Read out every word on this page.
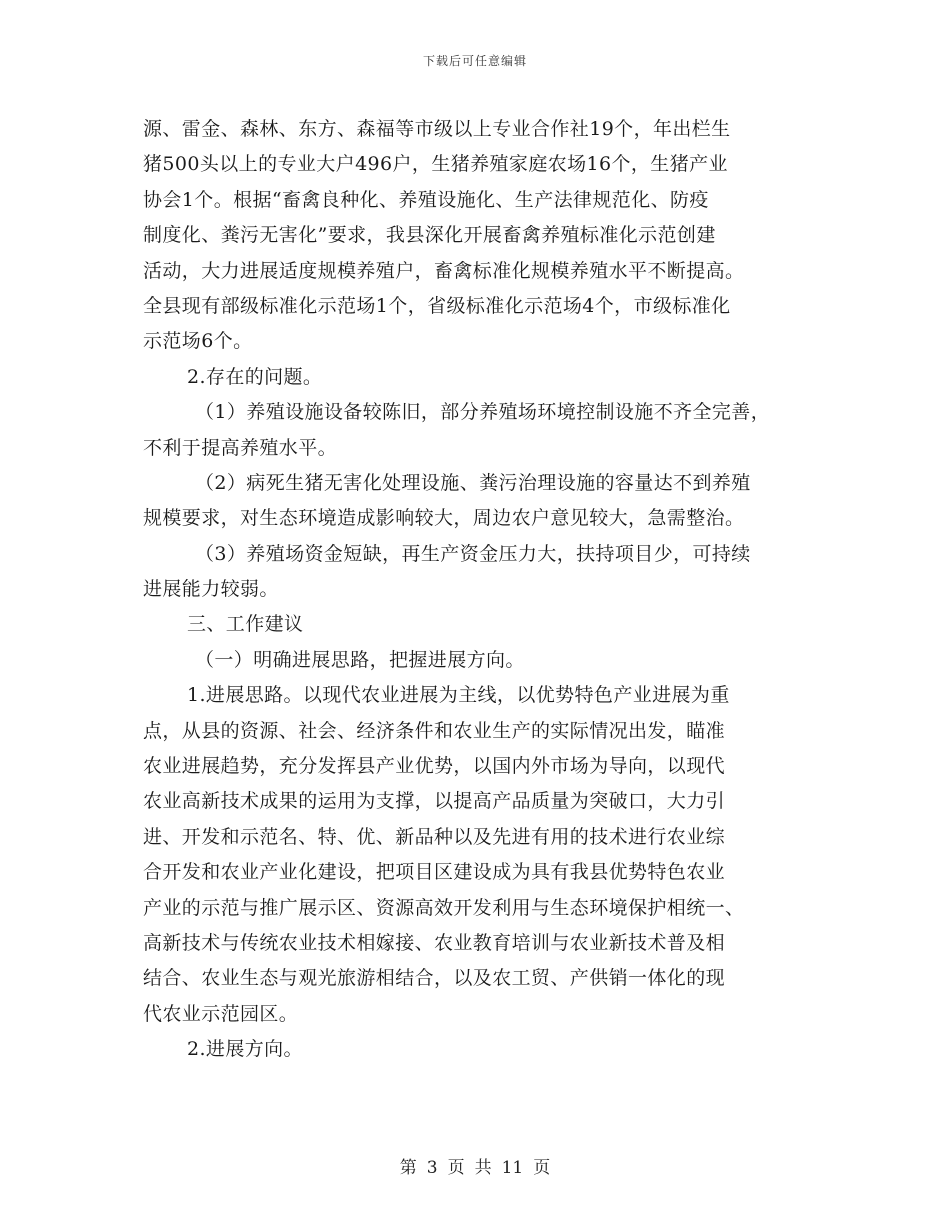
下载后可任意编辑
源、雷金、森林、东方、森福等市级以上专业合作社19个，年出栏生
猪500头以上的专业大户496户，生猪养殖家庭农场16个，生猪产业
协会1个。根据“畜禽良种化、养殖设施化、生产法律规范化、防疫
制度化、粪污无害化”要求，我县深化开展畜禽养殖标准化示范创建
活动，大力进展适度规模养殖户，畜禽标准化规模养殖水平不断提高。
全县现有部级标准化示范场1个，省级标准化示范场4个，市级标准化
示范场6个。
2.存在的问题。
（1）养殖设施设备较陈旧，部分养殖场环境控制设施不齐全完善，
不利于提高养殖水平。
（2）病死生猪无害化处理设施、粪污治理设施的容量达不到养殖
规模要求，对生态环境造成影响较大，周边农户意见较大，急需整治。
（3）养殖场资金短缺，再生产资金压力大，扶持项目少，可持续
进展能力较弱。
三、工作建议
（一）明确进展思路，把握进展方向。
1.进展思路。以现代农业进展为主线，以优势特色产业进展为重
点，从县的资源、社会、经济条件和农业生产的实际情况出发，瞄准
农业进展趋势，充分发挥县产业优势，以国内外市场为导向，以现代
农业高新技术成果的运用为支撑，以提高产品质量为突破口，大力引
进、开发和示范名、特、优、新品种以及先进有用的技术进行农业综
合开发和农业产业化建设，把项目区建设成为具有我县优势特色农业
产业的示范与推广展示区、资源高效开发利用与生态环境保护相统一、
高新技术与传统农业技术相嫁接、农业教育培训与农业新技术普及相
结合、农业生态与观光旅游相结合，以及农工贸、产供销一体化的现
代农业示范园区。
2.进展方向。
第 3 页 共 11 页
